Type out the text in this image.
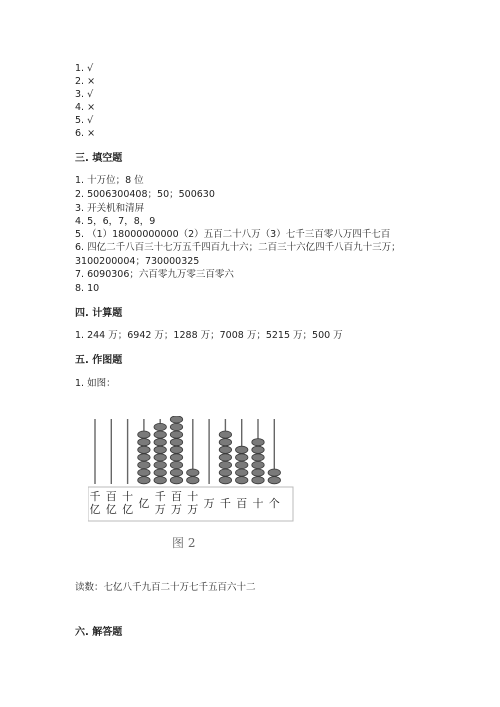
1. √
2. ×
3. √
4. ×
5. √
6. ×
三. 填空题
1. 十万位；8 位
2. 5006300408；50；500630
3. 开关机和清屏
4. 5，6，7，8，9
5. （1）18000000000（2）五百二十八万（3）七千三百零八万四千七百
6. 四亿二千八百三十七万五千四百九十六；二百三十六亿四千八百九十三万；
3100200004；730000325
7. 6090306；六百零九万零三百零六
8. 10
四. 计算题
1. 244 万；6942 万；1288 万；7008 万；5215 万；500 万
五. 作图题
1. 如图：
千亿
百亿
十亿 亿
千万
百万
十万 万 千 百 十 个
图 2
读数：七亿八千九百二十万七千五百六十二
六. 解答题
